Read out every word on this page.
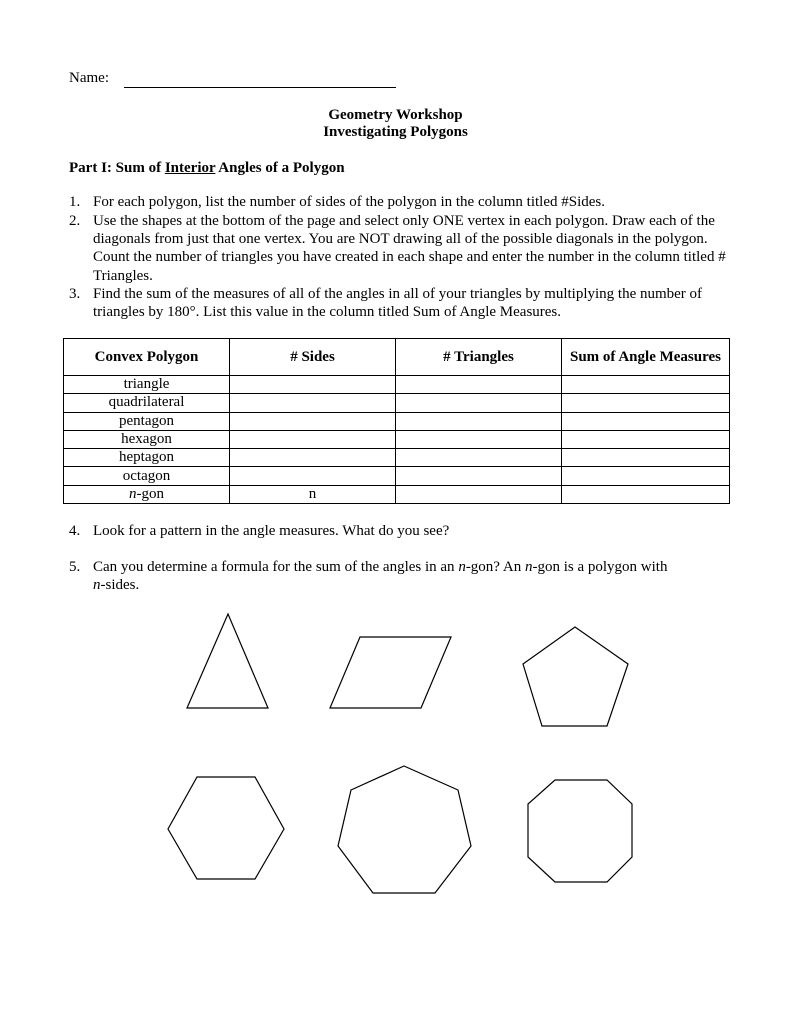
Name:
Geometry Workshop
Investigating Polygons
Part I: Sum of Interior Angles of a Polygon
1. For each polygon, list the number of sides of the polygon in the column titled #Sides.
2. Use the shapes at the bottom of the page and select only ONE vertex in each polygon. Draw each of the diagonals from just that one vertex. You are NOT drawing all of the possible diagonals in the polygon. Count the number of triangles you have created in each shape and enter the number in the column titled # Triangles.
3. Find the sum of the measures of all of the angles in all of your triangles by multiplying the number of triangles by 180°. List this value in the column titled Sum of Angle Measures.
Convex Polygon	# Sides	# Triangles	Sum of Angle Measures
triangle			
quadrilateral			
pentagon			
hexagon			
heptagon			
octagon			
n-gon	n		
4. Look for a pattern in the angle measures. What do you see?
5. Can you determine a formula for the sum of the angles in an n-gon? An n-gon is a polygon with
n-sides.
